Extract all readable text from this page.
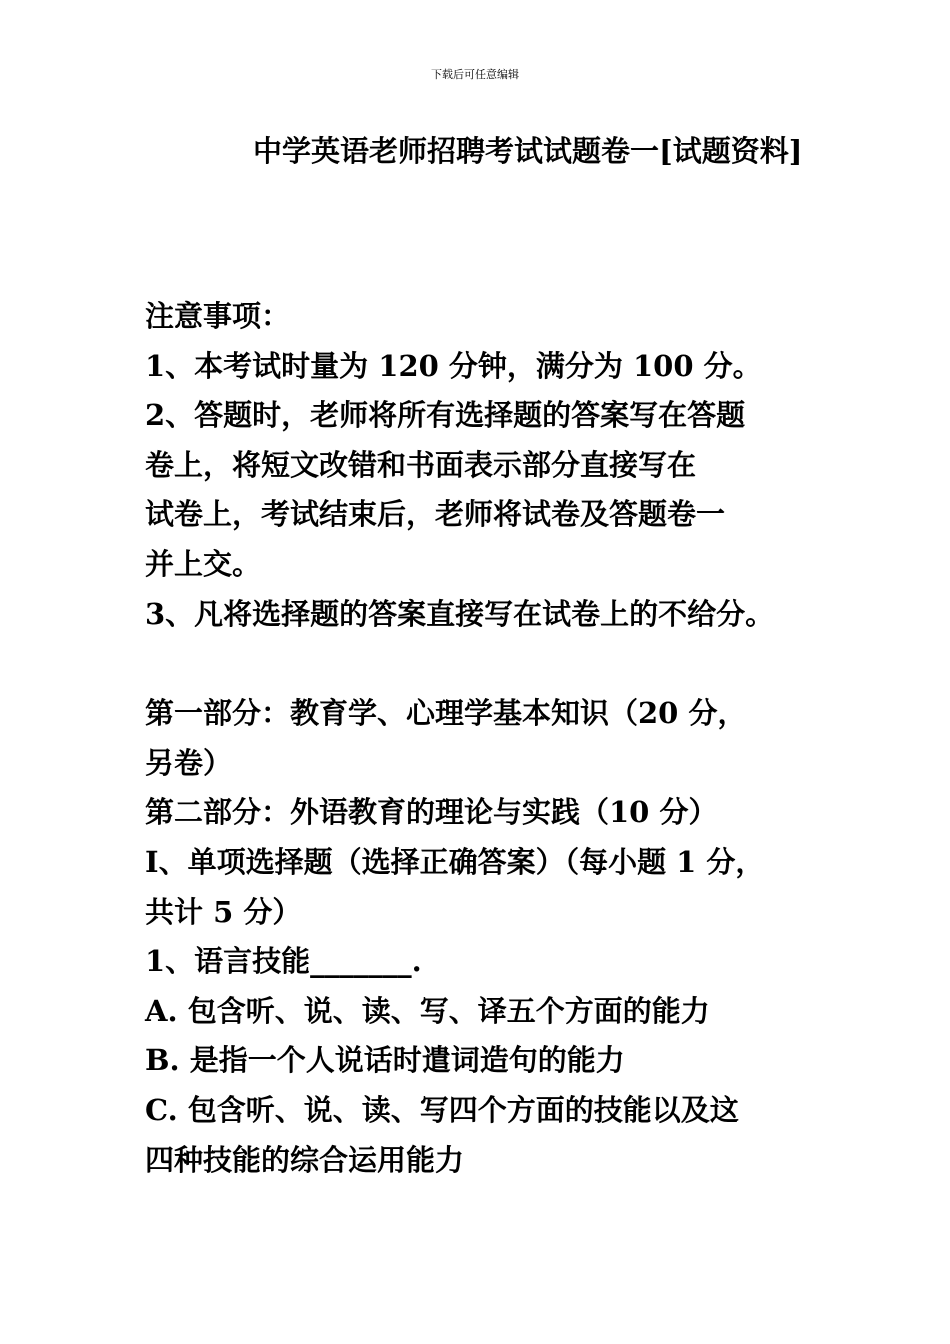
下载后可任意编辑

中学英语老师招聘考试试题卷一[试题资料]

注意事项：

1、本考试时量为 120 分钟，满分为 100 分。

2、答题时，老师将所有选择题的答案写在答题

卷上，将短文改错和书面表示部分直接写在

试卷上，考试结束后，老师将试卷及答题卷一

并上交。

3、凡将选择题的答案直接写在试卷上的不给分。

第一部分：教育学、心理学基本知识（20 分，

另卷）

第二部分：外语教育的理论与实践（10 分）

I、单项选择题（选择正确答案）（每小题 1 分，

共计 5 分）

1、语言技能_______.

A. 包含听、说、读、写、译五个方面的能力

B. 是指一个人说话时遣词造句的能力

C. 包含听、说、读、写四个方面的技能以及这

四种技能的综合运用能力
